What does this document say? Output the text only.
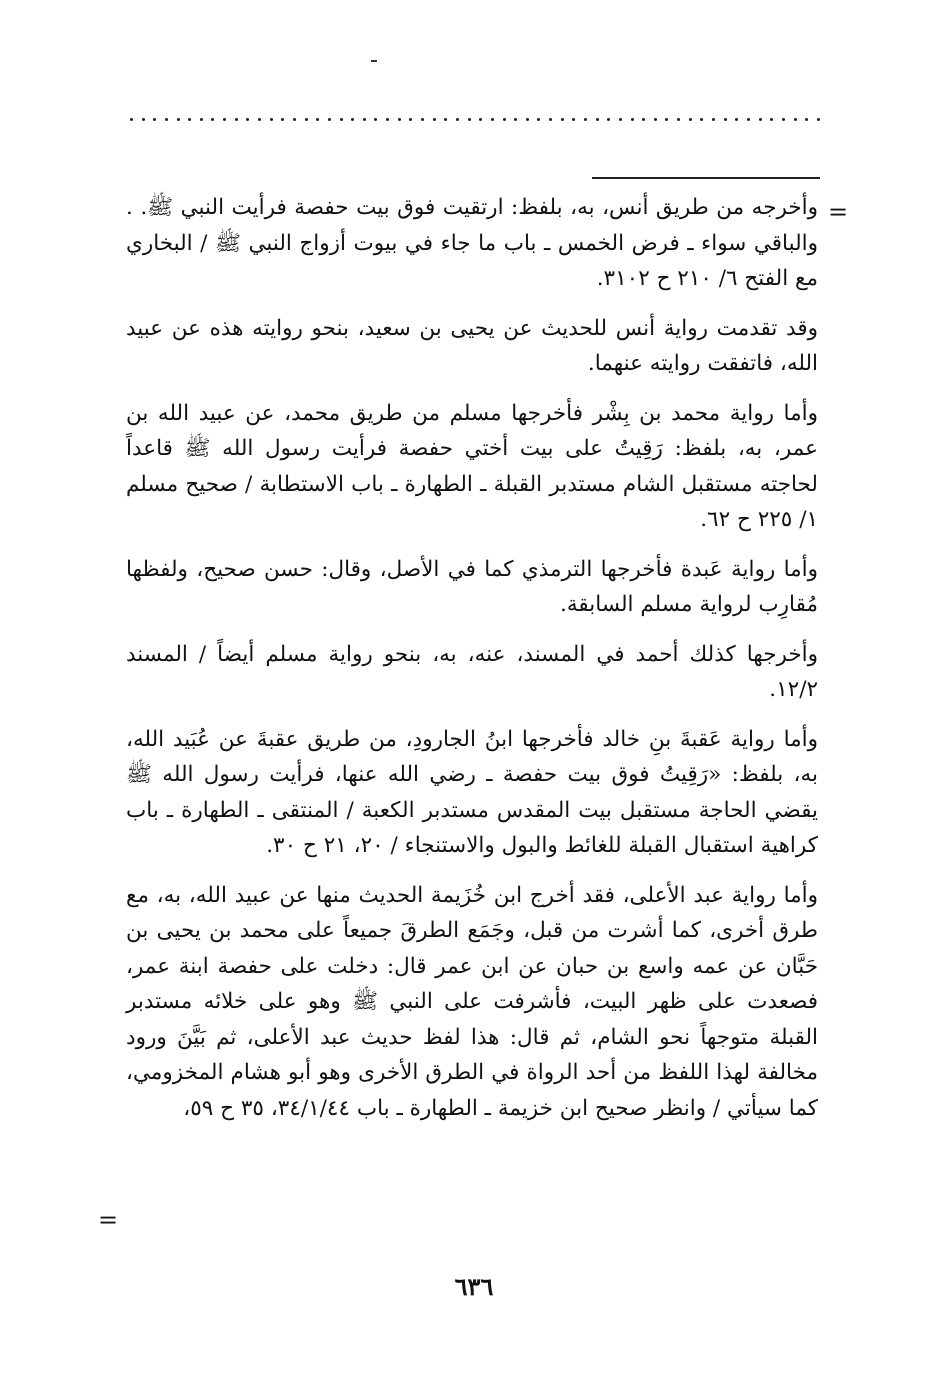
=

وأخرجه من طريق أنس، به، بلفظ: ارتقيت فوق بيت حفصة فرأيت النبي ﷺ. . والباقي سواء ـ فرض الخمس ـ باب ما جاء في بيوت أزواج النبي ﷺ / البخاري مع الفتح ٦/ ٢١٠ ح ٣١٠٢.

وقد تقدمت رواية أنس للحديث عن يحيى بن سعيد، بنحو روايته هذه عن عبيد الله، فاتفقت روايته عنهما.

وأما رواية محمد بن بِشْر فأخرجها مسلم من طريق محمد، عن عبيد الله بن عمر، به، بلفظ: رَقِيتُ على بيت أختي حفصة فرأيت رسول الله ﷺ قاعداً لحاجته مستقبل الشام مستدبر القبلة ـ الطهارة ـ باب الاستطابة / صحيح مسلم ١/ ٢٢٥ ح ٦٢.

وأما رواية عَبدة فأخرجها الترمذي كما في الأصل، وقال: حسن صحيح، ولفظها مُقارِب لرواية مسلم السابقة.

وأخرجها كذلك أحمد في المسند، عنه، به، بنحو رواية مسلم أيضاً / المسند ١٢/٢.

وأما رواية عَقبةَ بنِ خالد فأخرجها ابنُ الجارودِ، من طريق عقبةَ عن عُبَيد الله، به، بلفظ: «رَقِيتُ فوق بيت حفصة ـ رضي الله عنها، فرأيت رسول الله ﷺ يقضي الحاجة مستقبل بيت المقدس مستدبر الكعبة / المنتقى ـ الطهارة ـ باب كراهية استقبال القبلة للغائط والبول والاستنجاء / ٢٠، ٢١ ح ٣٠.

وأما رواية عبد الأعلى، فقد أخرج ابن خُزَيمة الحديث منها عن عبيد الله، به، مع طرق أخرى، كما أشرت من قبل، وجَمَع الطرقَ جميعاً على محمد بن يحيى بن حَبَّان عن عمه واسع بن حبان عن ابن عمر قال: دخلت على حفصة ابنة عمر، فصعدت على ظهر البيت، فأشرفت على النبي ﷺ وهو على خلائه مستدبر القبلة متوجهاً نحو الشام، ثم قال: هذا لفظ حديث عبد الأعلى، ثم بَيَّنَ ورود مخالفة لهذا اللفظ من أحد الرواة في الطرق الأخرى وهو أبو هشام المخزومي، كما سيأتي / وانظر صحيح ابن خزيمة ـ الطهارة ـ باب ٣٤/١/٤٤، ٣٥ ح ٥٩،

=
٦٣٦
